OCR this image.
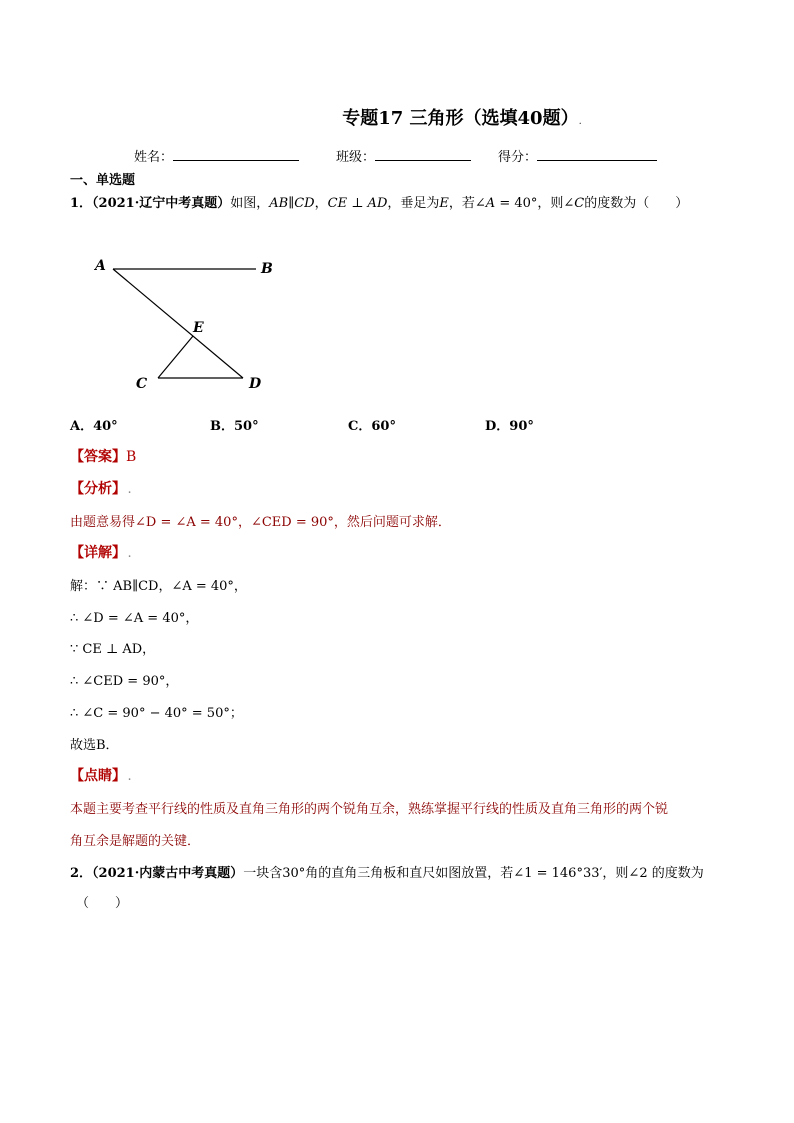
专题17 三角形（选填40题）.
姓名：	班级：	得分：
一、单选题
1．（2021·辽宁中考真题）如图，AB∥CD，CE ⊥ AD，垂足为E，若∠A = 40°，则∠C的度数为（　　）
A	B
E
C	D
A．40°	B．50°	C．60°	D．90°
【答案】B
【分析】 .
由题意易得∠D = ∠A = 40°，∠CED = 90°，然后问题可求解．
【详解】 .
解：∵ AB∥CD，∠A = 40°，
∴ ∠D = ∠A = 40°，
∵ CE ⊥ AD，
∴ ∠CED = 90°，
∴ ∠C = 90° − 40° = 50°；
故选B．
【点睛】 .
本题主要考查平行线的性质及直角三角形的两个锐角互余，熟练掌握平行线的性质及直角三角形的两个锐
角互余是解题的关键．
2．（2021·内蒙古中考真题）一块含30°角的直角三角板和直尺如图放置，若∠1 = 146°33′，则∠2 的度数为
（　　）
